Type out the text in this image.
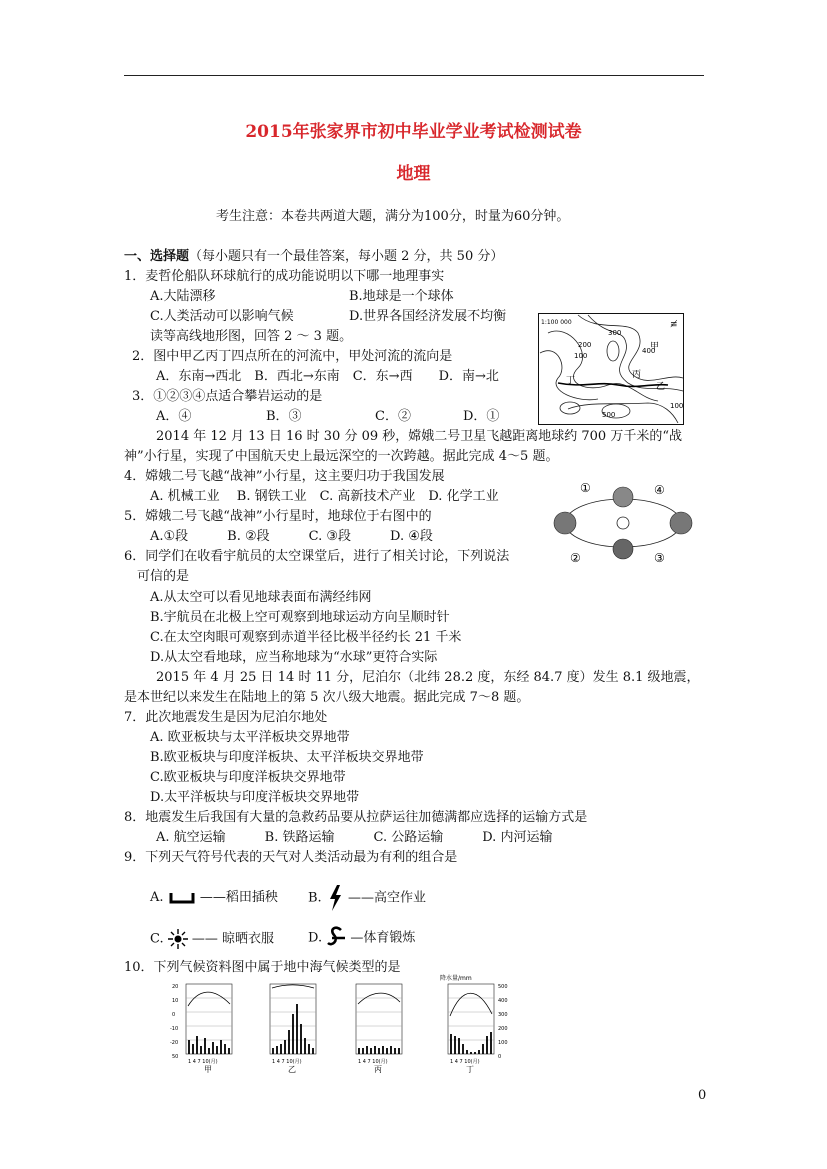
2015年张家界市初中毕业学业考试检测试卷
地理
考生注意：本卷共两道大题，满分为100分，时量为60分钟。
一、选择题（每小题只有一个最佳答案，每小题 2 分，共 50 分）
1．麦哲伦船队环球航行的成功能说明以下哪一地理事实
A.大陆漂移	B.地球是一个球体
C.人类活动可以影响气候	D.世界各国经济发展不均衡
读等高线地形图，回答 2 ～ 3 题。
2．图中甲乙丙丁四点所在的河流中，甲处河流的流向是
A．东南→西北　B．西北→东南　C．东→西　　D．南→北
3．①②③④点适合攀岩运动的是
A．④	B．③	C．②	D．①
1:100 000
300
200
100
400
500
100
甲
乙
丙
丁
≢
2014 年 12 月 13 日 16 时 30 分 09 秒，嫦娥二号卫星飞越距离地球约 700 万千米的“战
神”小行星，实现了中国航天史上最远深空的一次跨越。据此完成 4～5 题。
4．嫦娥二号飞越“战神”小行星，这主要归功于我国发展
A. 机械工业　 B. 钢铁工业　C. 高新技术产业　D. 化学工业
5．嫦娥二号飞越“战神”小行星时，地球位于右图中的
A.①段　　　B. ②段　　　C. ③段　　　D. ④段
①
②	③
④
6．同学们在收看宇航员的太空课堂后，进行了相关讨论，下列说法
可信的是
A.从太空可以看见地球表面布满经纬网
B.宇航员在北极上空可观察到地球运动方向呈顺时针
C.在太空肉眼可观察到赤道半径比极半径约长 21 千米
D.从太空看地球，应当称地球为“水球”更符合实际
2015 年 4 月 25 日 14 时 11 分，尼泊尔（北纬 28.2 度，东经 84.7 度）发生 8.1 级地震，
是本世纪以来发生在陆地上的第 5 次八级大地震。据此完成 7～8 题。
7．此次地震发生是因为尼泊尔地处
A. 欧亚板块与太平洋板块交界地带
B.欧亚板块与印度洋板块、太平洋板块交界地带
C.欧亚板块与印度洋板块交界地带
D.太平洋板块与印度洋板块交界地带
8．地震发生后我国有大量的急救药品要从拉萨运往加德满都应选择的运输方式是
A. 航空运输　　　B. 铁路运输　　　C. 公路运输　　　D. 内河运输
9．下列天气符号代表的天气对人类活动最为有利的组合是
A.	——稻田插秧 B. ——高空作业
C. —— 晾晒衣服	D. —体育锻炼
10．下列气候资料图中属于地中海气候类型的是
20
10
0
-10
-20
50
1 4 7 10(月)
甲
1 4 7 10(月)
乙
1 4 7 10(月)
丙
降水量/mm
500
400
300
200
100
0
1 4 7 10(月)
丁
0
